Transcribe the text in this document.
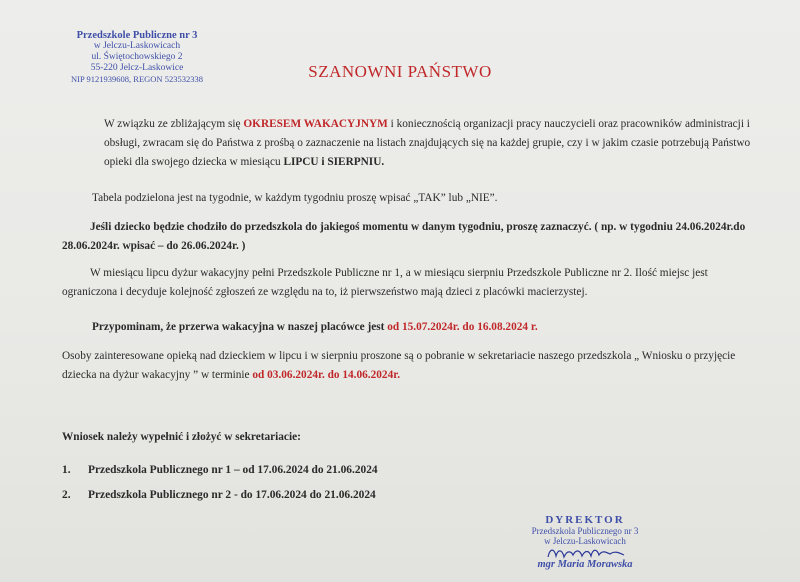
Przedszkole Publiczne nr 3
w Jelczu-Laskowicach
ul. Świętochowskiego 2
55-220 Jelcz-Laskowice
NIP 9121939608, REGON 523532338	SZANOWNI PAŃSTWO

W związku ze zbliżającym się OKRESEM WAKACYJNYM i koniecznością organizacji pracy nauczycieli oraz pracowników administracji i obsługi, zwracam się do Państwa z prośbą o zaznaczenie na listach znajdujących się na każdej grupie, czy i w jakim czasie potrzebują Państwo opieki dla swojego dziecka w miesiącu LIPCU i SIERPNIU.

Tabela podzielona jest na tygodnie, w każdym tygodniu proszę wpisać „TAK” lub „NIE”.
Jeśli dziecko będzie chodziło do przedszkola do jakiegoś momentu w danym tygodniu, proszę zaznaczyć. ( np. w tygodniu 24.06.2024r.do 28.06.2024r. wpisać – do 26.06.2024r. )
W miesiącu lipcu dyżur wakacyjny pełni Przedszkole Publiczne nr 1, a w miesiącu sierpniu Przedszkole Publiczne nr 2. Ilość miejsc jest ograniczona i decyduje kolejność zgłoszeń ze względu na to, iż pierwszeństwo mają dzieci z placówki macierzystej.
Przypominam, że przerwa wakacyjna w naszej placówce jest od 15.07.2024r. do 16.08.2024 r.
Osoby zainteresowane opieką nad dzieckiem w lipcu i w sierpniu proszone są o pobranie w sekretariacie naszego przedszkola „ Wniosku o przyjęcie dziecka na dyżur wakacyjny ” w terminie od 03.06.2024r. do 14.06.2024r.
Wniosek należy wypełnić i złożyć w sekretariacie:
1. Przedszkola Publicznego nr 1 – od 17.06.2024 do 21.06.2024
2. Przedszkola Publicznego nr 2 - do 17.06.2024 do 21.06.2024
DYREKTOR
Przedszkola Publicznego nr 3
w Jelczu-Laskowicach
mgr Maria Morawska
